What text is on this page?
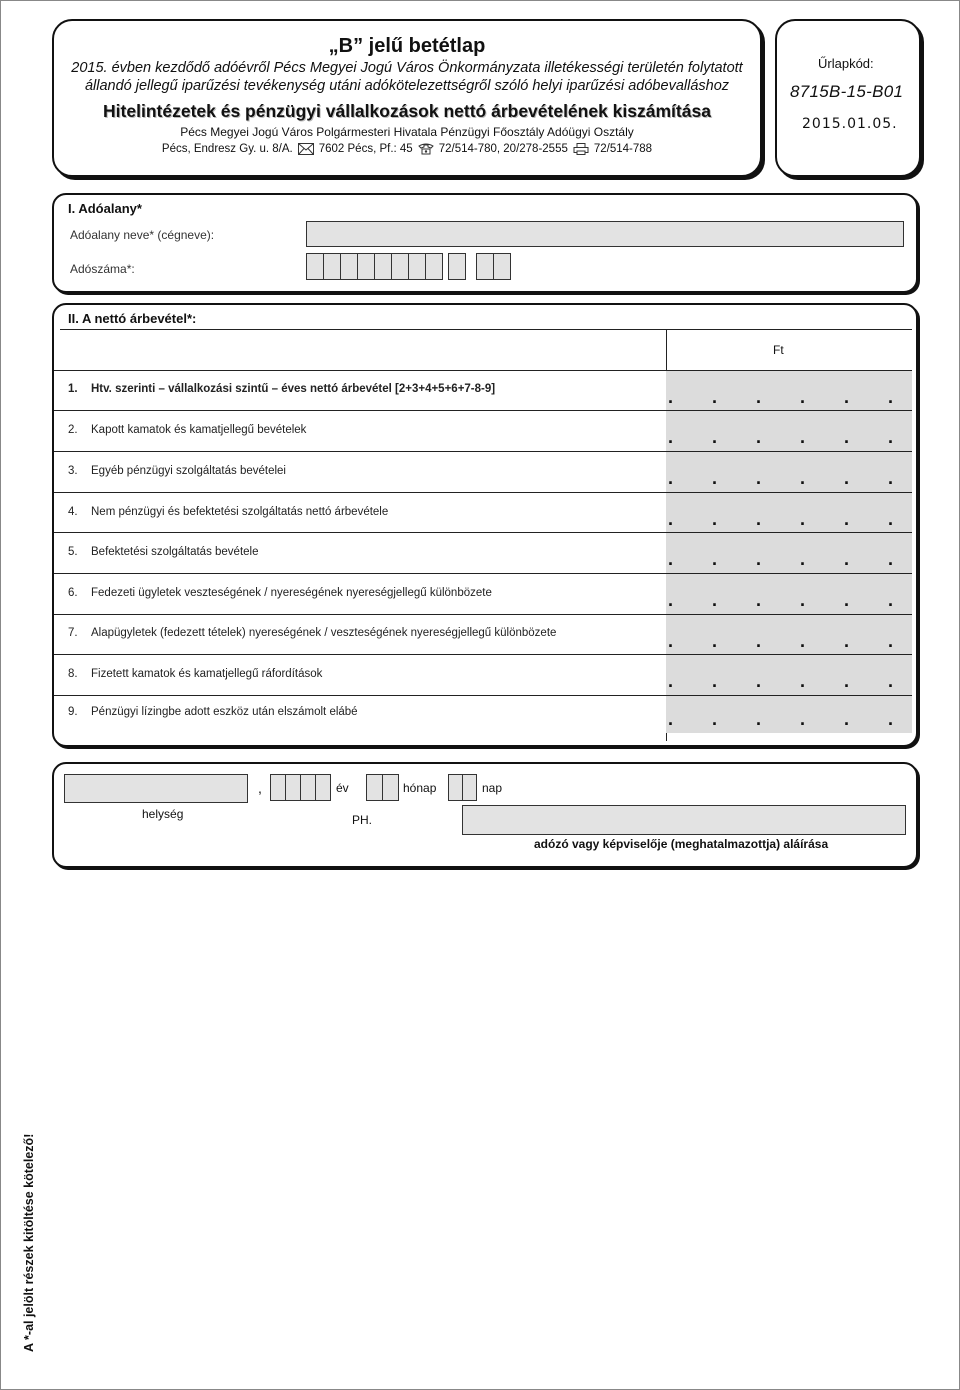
„B” jelű betétlap
2015. évben kezdődő adóévről Pécs Megyei Jogú Város Önkormányzata illetékességi területén folytatott
állandó jellegű iparűzési tevékenység utáni adókötelezettségről szóló helyi iparűzési adóbevalláshoz
Hitelintézetek és pénzügyi vállalkozások nettó árbevételének kiszámítása
Pécs Megyei Jogú Város Polgármesteri Hivatala Pénzügyi Főosztály Adóügyi Osztály
Pécs, Endresz Gy. u. 8/A. 7602 Pécs, Pf.: 45 72/514-780, 20/278-2555 72/514-788
Űrlapkód:
8715B-15-B01
2015.01.05.
I. Adóalany*
Adóalany neve* (cégneve):
Adószáma*:
II. A nettó árbevétel*:
Ft
1. Htv. szerinti – vállalkozási szintű – éves nettó árbevétel [2+3+4+5+6+7-8-9]	. . . . . .
2. Kapott kamatok és kamatjellegű bevételek	. . . . . .
3. Egyéb pénzügyi szolgáltatás bevételei	. . . . . .
4. Nem pénzügyi és befektetési szolgáltatás nettó árbevétele	. . . . . .
5. Befektetési szolgáltatás bevétele	. . . . . .
6. Fedezeti ügyletek veszteségének / nyereségének nyereségjellegű különbözete	. . . . . .
7. Alapügyletek (fedezett tételek) nyereségének / veszteségének nyereségjellegű különbözete	. . . . . .
8. Fizetett kamatok és kamatjellegű ráfordítások	. . . . . .
9. Pénzügyi lízingbe adott eszköz után elszámolt elábé	. . . . . .
,	év	hónap	nap
helység	PH.
adózó vagy képviselője (meghatalmazottja) aláírása
A *-al jelölt részek kitöltése kötelező!
